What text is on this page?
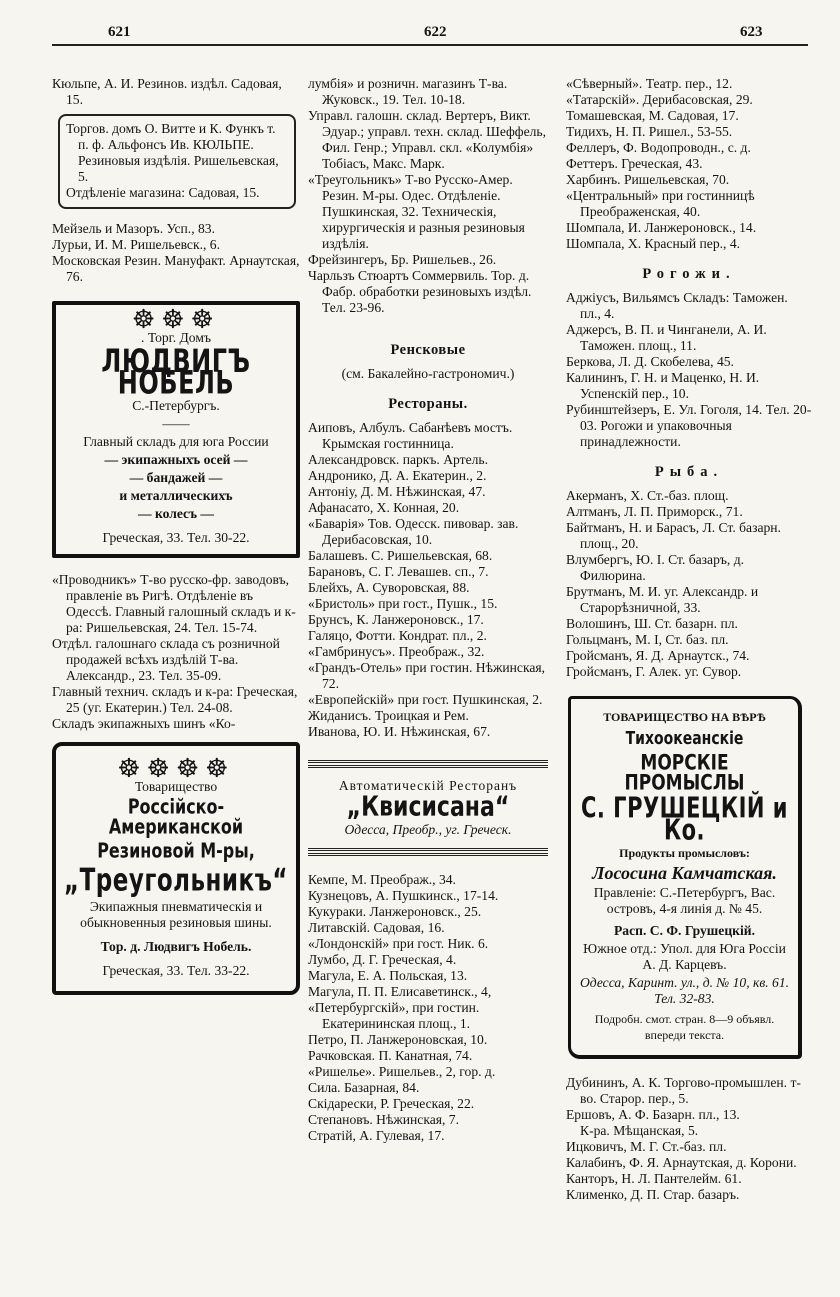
621	622	623

Кюльпе, А. И. Резинов. издѣл. Садовая, 15.

Торгов. домъ О. Витте и К. Функъ т. п. ф. Альфонсъ Ив. КЮЛЬПЕ. Резиновыя издѣлія. Ришельевская, 5.

Отдѣленіе магазина: Садовая, 15.

Мейзель и Мазоръ. Усп., 83.

Лурьи, И. М. Ришельевск., 6.

Московская Резин. Мануфакт. Арнаутская, 76.

☸☸☸

. Торг. Домъ

ЛЮДВИГЪ НОБЕЛЬ

С.-Петербургъ.

——

Главный складъ для юга России

— экипажныхъ осей —

— бандажей —

и металлическихъ

— колесъ —

Греческая, 33. Тел. 30-22.

«Проводникъ» Т-во русско-фр. заводовъ, правленіе въ Ригѣ. Отдѣленіе въ Одессѣ. Главный галошный складъ и к-ра: Ришельевская, 24. Тел. 15-74.

Отдѣл. галошнаго склада съ розничной продажей всѣхъ издѣлій Т-ва. Александр., 23. Тел. 35-09.

Главный технич. складъ и к-ра: Греческая, 25 (уг. Екатерин.) Тел. 24-08.

Складъ экипажныхъ шинъ «Ко-

☸☸☸☸

Товарищество

Россійско-Американской

Резиновой М-ры,

„Треугольникъ“

Экипажныя пневматическія и обыкновенныя резиновыя шины.

Тор. д. Людвигъ Нобель.

Греческая, 33. Тел. 33-22.

лумбія» и розничн. магазинъ Т-ва. Жуковск., 19. Тел. 10-18.

Управл. галошн. склад. Вертеръ, Викт. Эдуар.; управл. техн. склад. Шеффель, Фил. Генр.; Управл. скл. «Колумбія» Тобіасъ, Макс. Марк.

«Треугольникъ» Т-во Русско-Амер. Резин. М-ры. Одес. Отдѣленіе. Пушкинская, 32. Техническія, хирургическія и разныя резиновыя издѣлія.

Фрейзингеръ, Бр. Ришельев., 26.

Чарльзъ Стюартъ Соммервиль. Тор. д. Фабр. обработки резиновыхъ издѣл. Тел. 23-96.

Ренсковые

(см. Бакалейно-гастрономич.)

Рестораны.

Аиповъ, Албулъ. Сабанѣевъ мостъ. Крымская гостинница.

Александровск. паркъ. Артель.

Андронико, Д. А. Екатерин., 2.

Антоніу, Д. М. Нѣжинская, 47.

Афанасато, Х. Конная, 20.

«Баварія» Тов. Одесск. пивовар. зав. Дерибасовская, 10.

Балашевъ. С. Ришельевская, 68.

Барановъ, С. Г. Левашев. сп., 7.

Блейхъ, А. Суворовская, 88.

«Бристоль» при гост., Пушк., 15.

Брунсъ, К. Ланжероновск., 17.

Галяцо, Фотти. Кондрат. пл., 2.

«Гамбринусъ». Преображ., 32.

«Грандъ-Отель» при гостин. Нѣжинская, 72.

«Европейскій» при гост. Пушкинская, 2.

Жиданисъ. Троицкая и Рем.

Иванова, Ю. И. Нѣжинская, 67.

Автоматическій Ресторанъ

„Квисисана“

Одесса, Преобр., уг. Греческ.

Кемпе, М. Преображ., 34.

Кузнецовъ, А. Пушкинск., 17-14.

Кукураки. Ланжероновск., 25.

Литавскій. Садовая, 16.

«Лондонскій» при гост. Ник. 6.

Лумбо, Д. Г. Греческая, 4.

Магула, Е. А. Польская, 13.

Магула, П. П. Елисаветинск., 4,

«Петербургскій», при гостин. Екатерининская площ., 1.

Петро, П. Ланжероновская, 10.

Рачковская. П. Канатная, 74.

«Ришелье». Ришельев., 2, гор. д.

Сила. Базарная, 84.

Скідарески, Р. Греческая, 22.

Степановъ. Нѣжинская, 7.

Стратій, А. Гулевая, 17.

«Сѣверный». Театр. пер., 12.

«Татарскій». Дерибасовская, 29.

Томашевская, М. Садовая, 17.

Тидихъ, Н. П. Ришел., 53-55.

Феллеръ, Ф. Водопроводн., с. д.

Феттеръ. Греческая, 43.

Харбинъ. Ришельевская, 70.

«Центральный» при гостинницѣ Преображенская, 40.

Шомпала, И. Ланжероновск., 14.

Шомпала, Х. Красный пер., 4.

Рогожи.

Аджіусъ, Вильямсъ Складъ: Таможен. пл., 4.

Аджерсъ, В. П. и Чинганели, А. И. Таможен. площ., 11.

Беркова, Л. Д. Скобелева, 45.

Калининъ, Г. Н. и Маценко, Н. И. Успенскій пер., 10.

Рубинштейзеръ, Е. Ул. Гоголя, 14. Тел. 20-03. Рогожи и упаковочныя принадлежности.

Рыба.

Акерманъ, Х. Ст.-баз. площ.

Алтманъ, Л. П. Приморск., 71.

Байтманъ, Н. и Барасъ, Л. Ст. базарн. площ., 20.

Влумбергъ, Ю. І. Ст. базаръ, д. Филюрина.

Брутманъ, М. И. уг. Александр. и Старорѣзничной, 33.

Волошинъ, Ш. Ст. базарн. пл.

Гольцманъ, М. І, Ст. баз. пл.

Гройсманъ, Я. Д. Арнаутск., 74.

Гройсманъ, Г. Алек. уг. Сувор.

ТОВАРИЩЕСТВО НА ВѢРѢ

Тихоокеанскіе

МОРСКІЕ ПРОМЫСЛЫ

С. ГРУШЕЦКІЙ и Ко.

Продукты промысловъ:

Лососина Камчатская.

Правленіе: С.-Петербургъ, Вас. островъ, 4-я линія д. № 45.

Расп. С. Ф. Грушецкій.

Южное отд.: Упол. для Юга Россіи А. Д. Карцевъ.

Одесса, Каринт. ул., д. № 10, кв. 61. Тел. 32-83.

Подробн. смот. стран. 8—9 объявл. впереди текста.

Дубининъ, А. К. Торгово-промышлен. т-во. Старор. пер., 5.

Ершовъ, А. Ф. Базарн. пл., 13.

К-ра. Мѣщанская, 5.

Ицковичъ, М. Г. Ст.-баз. пл.

Калабинъ, Ф. Я. Арнаутская, д. Корони.

Канторъ, Н. Л. Пантелейм. 61.

Клименко, Д. П. Стар. базаръ.
